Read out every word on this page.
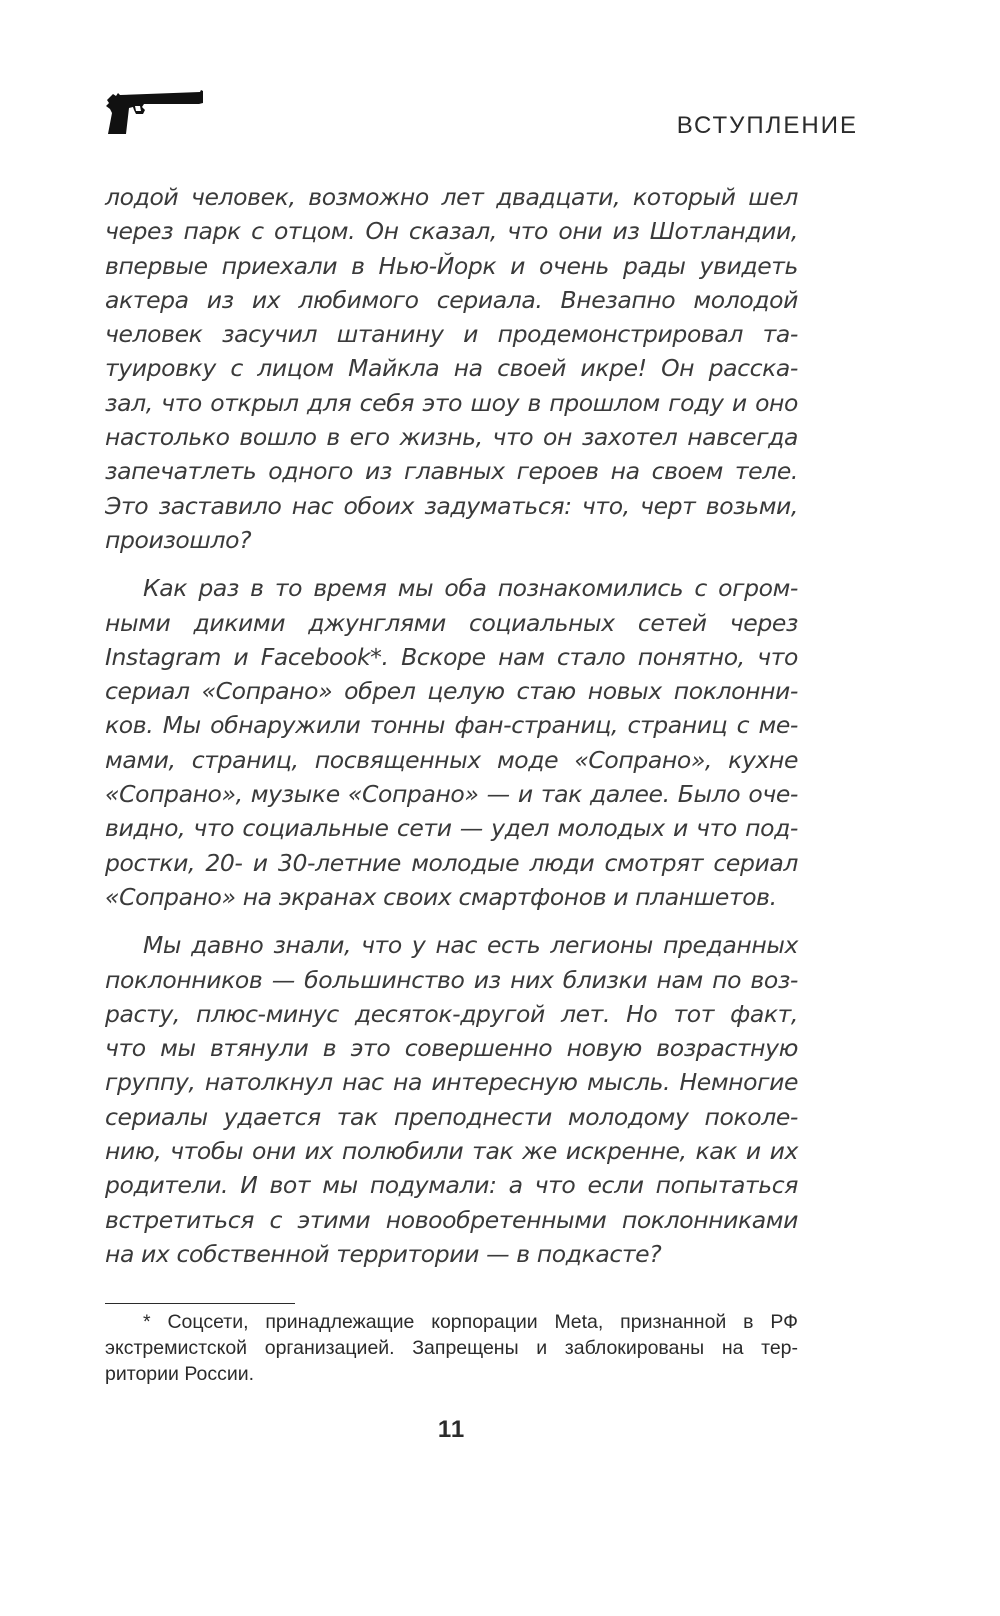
ВСТУПЛЕНИЕ

лодой человек, возможно лет двадцати, который шел
через парк с отцом. Он сказал, что они из Шотландии,
впервые приехали в Нью-Йорк и очень рады увидеть
актера из их любимого сериала. Внезапно молодой
человек засучил штанину и продемонстрировал та-
туировку с лицом Майкла на своей икре! Он расска-
зал, что открыл для себя это шоу в прошлом году и оно
настолько вошло в его жизнь, что он захотел навсегда
запечатлеть одного из главных героев на своем теле.
Это заставило нас обоих задуматься: что, черт возьми,
произошло?

Как раз в то время мы оба познакомились с огром-
ными дикими джунглями социальных сетей через
Instagram и Facebook*. Вскоре нам стало понятно, что
сериал «Сопрано» обрел целую стаю новых поклонни-
ков. Мы обнаружили тонны фан-страниц, страниц с ме-
мами, страниц, посвященных моде «Сопрано», кухне
«Сопрано», музыке «Сопрано» — и так далее. Было оче-
видно, что социальные сети — удел молодых и что под-
ростки, 20- и 30-летние молодые люди смотрят сериал
«Сопрано» на экранах своих смартфонов и планшетов.

Мы давно знали, что у нас есть легионы преданных
поклонников — большинство из них близки нам по воз-
расту, плюс-минус десяток-другой лет. Но тот факт,
что мы втянули в это совершенно новую возрастную
группу, натолкнул нас на интересную мысль. Немногие
сериалы удается так преподнести молодому поколе-
нию, чтобы они их полюбили так же искренне, как и их
родители. И вот мы подумали: а что если попытаться
встретиться с этими новообретенными поклонниками
на их собственной территории — в подкасте?

* Соцсети, принадлежащие корпорации Meta, признанной в РФ
экстремистской организацией. Запрещены и заблокированы на тер-
ритории России.
11
